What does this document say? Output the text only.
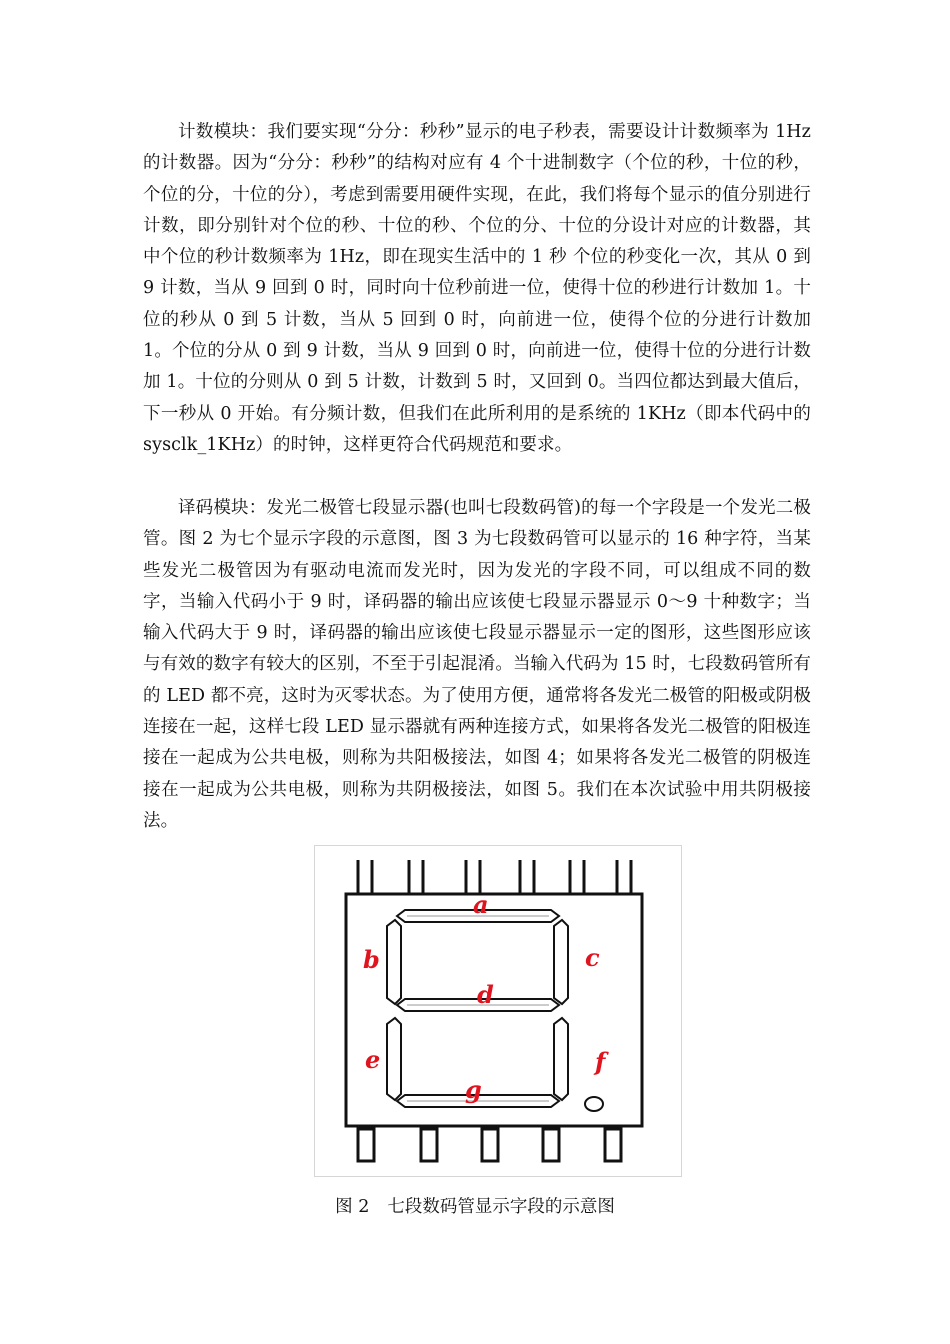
计数模块：我们要实现“分分：秒秒”显示的电子秒表，需要设计计数频率为 1Hz 的计数器。因为“分分：秒秒”的结构对应有 4 个十进制数字（个位的秒，十位的秒，个位的分，十位的分），考虑到需要用硬件实现，在此，我们将每个显示的值分别进行计数，即分别针对个位的秒、十位的秒、个位的分、十位的分设计对应的计数器，其中个位的秒计数频率为 1Hz，即在现实生活中的 1 秒 个位的秒变化一次，其从 0 到 9 计数，当从 9 回到 0 时，同时向十位秒前进一位，使得十位的秒进行计数加 1。十位的秒从 0 到 5 计数，当从 5 回到 0 时，向前进一位，使得个位的分进行计数加 1。个位的分从 0 到 9 计数，当从 9 回到 0 时，向前进一位，使得十位的分进行计数加 1。十位的分则从 0 到 5 计数，计数到 5 时，又回到 0。当四位都达到最大值后，下一秒从 0 开始。有分频计数，但我们在此所利用的是系统的 1KHz（即本代码中的 sysclk_1KHz）的时钟，这样更符合代码规范和要求。

译码模块：发光二极管七段显示器(也叫七段数码管)的每一个字段是一个发光二极管。图 2 为七个显示字段的示意图，图 3 为七段数码管可以显示的 16 种字符，当某些发光二极管因为有驱动电流而发光时，因为发光的字段不同，可以组成不同的数字，当输入代码小于 9 时，译码器的输出应该使七段显示器显示 0～9 十种数字；当输入代码大于 9 时，译码器的输出应该使七段显示器显示一定的图形，这些图形应该与有效的数字有较大的区别，不至于引起混淆。当输入代码为 15 时，七段数码管所有的 LED 都不亮，这时为灭零状态。为了使用方便，通常将各发光二极管的阳极或阴极连接在一起，这样七段 LED 显示器就有两种连接方式，如果将各发光二极管的阳极连接在一起成为公共电极，则称为共阳极接法，如图 4；如果将各发光二极管的阴极连接在一起成为公共电极，则称为共阴极接法，如图 5。我们在本次试验中用共阴极接法。

a
b	c
d
e	f
g
图 2 七段数码管显示字段的示意图
